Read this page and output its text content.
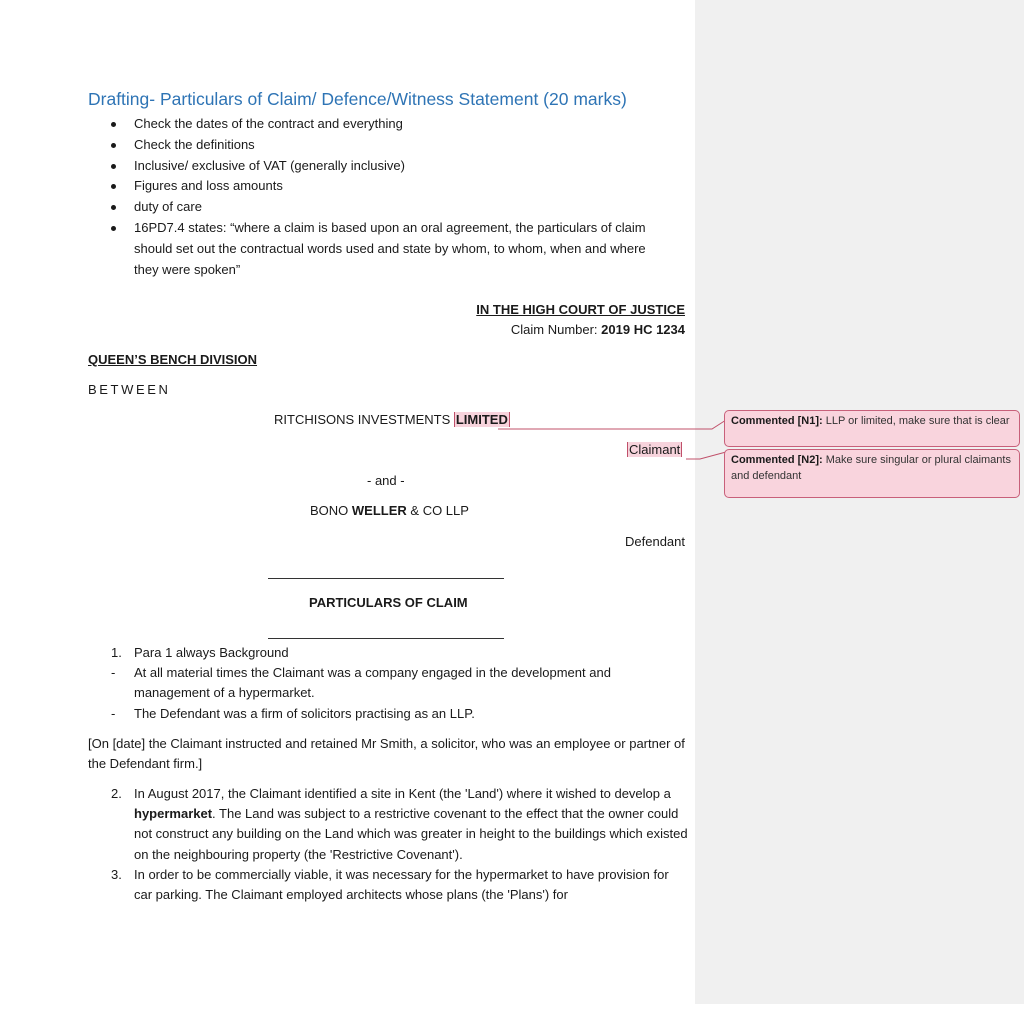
Drafting- Particulars of Claim/ Defence/Witness Statement (20 marks)
Check the dates of the contract and everything
Check the definitions
Inclusive/ exclusive of VAT (generally inclusive)
Figures and loss amounts
duty of care
16PD7.4 states: “where a claim is based upon an oral agreement, the particulars of claim should set out the contractual words used and state by whom, to whom, when and where they were spoken”
IN THE HIGH COURT OF JUSTICE
Claim Number: 2019 HC 1234
QUEEN’S BENCH DIVISION
BETWEEN
RITCHISONS INVESTMENTS LIMITED
Claimant
- and -
BONO WELLER & CO LLP
Defendant
PARTICULARS OF CLAIM
1. Para 1 always Background
- At all material times the Claimant was a company engaged in the development and management of a hypermarket.
- The Defendant was a firm of solicitors practising as an LLP.
[On [date] the Claimant instructed and retained Mr Smith, a solicitor, who was an employee or partner of the Defendant firm.]
2. In August 2017, the Claimant identified a site in Kent (the 'Land') where it wished to develop a hypermarket. The Land was subject to a restrictive covenant to the effect that the owner could not construct any building on the Land which was greater in height to the buildings which existed on the neighbouring property (the 'Restrictive Covenant').
3. In order to be commercially viable, it was necessary for the hypermarket to have provision for car parking. The Claimant employed architects whose plans (the 'Plans') for
Commented [N1]: LLP or limited, make sure that is clear
Commented [N2]: Make sure singular or plural claimants and defendant
